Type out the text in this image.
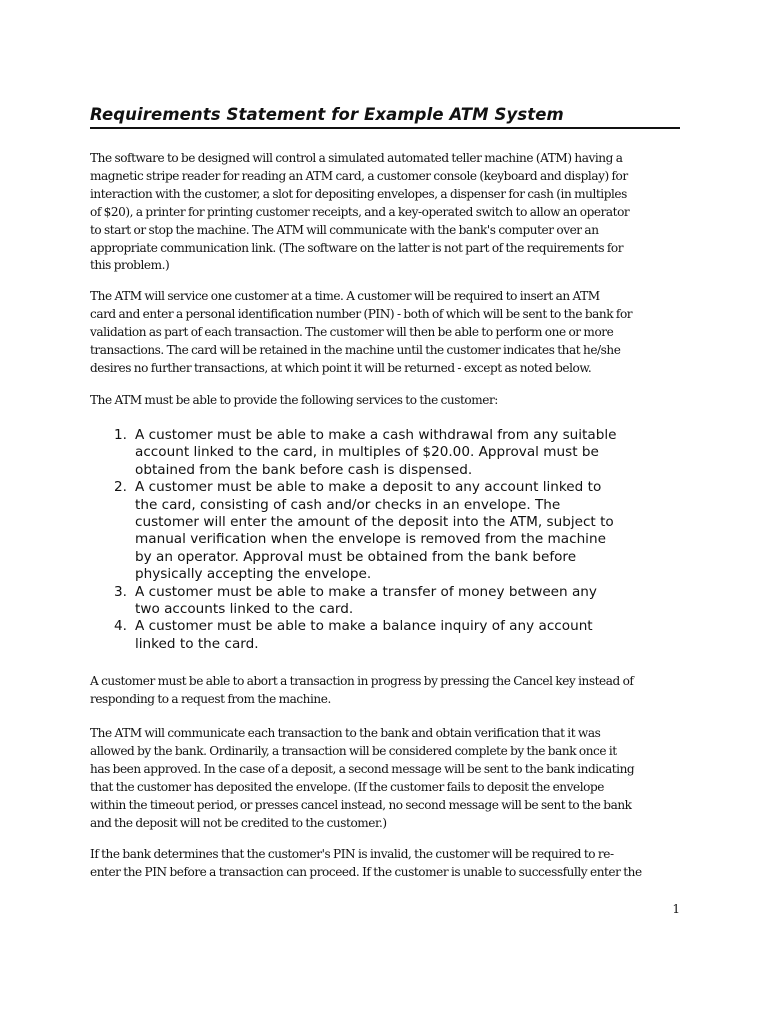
Requirements Statement for Example ATM System

The software to be designed will control a simulated automated teller machine (ATM) having a
magnetic stripe reader for reading an ATM card, a customer console (keyboard and display) for
interaction with the customer, a slot for depositing envelopes, a dispenser for cash (in multiples
of $20), a printer for printing customer receipts, and a key-operated switch to allow an operator
to start or stop the machine. The ATM will communicate with the bank's computer over an
appropriate communication link. (The software on the latter is not part of the requirements for
this problem.)

The ATM will service one customer at a time. A customer will be required to insert an ATM
card and enter a personal identification number (PIN) - both of which will be sent to the bank for
validation as part of each transaction. The customer will then be able to perform one or more
transactions. The card will be retained in the machine until the customer indicates that he/she
desires no further transactions, at which point it will be returned - except as noted below.

The ATM must be able to provide the following services to the customer:

1. A customer must be able to make a cash withdrawal from any suitable
account linked to the card, in multiples of $20.00. Approval must be
obtained from the bank before cash is dispensed.
2. A customer must be able to make a deposit to any account linked to
the card, consisting of cash and/or checks in an envelope. The
customer will enter the amount of the deposit into the ATM, subject to
manual verification when the envelope is removed from the machine
by an operator. Approval must be obtained from the bank before
physically accepting the envelope.
3. A customer must be able to make a transfer of money between any
two accounts linked to the card.
4. A customer must be able to make a balance inquiry of any account
linked to the card.

A customer must be able to abort a transaction in progress by pressing the Cancel key instead of
responding to a request from the machine.

The ATM will communicate each transaction to the bank and obtain verification that it was
allowed by the bank. Ordinarily, a transaction will be considered complete by the bank once it
has been approved. In the case of a deposit, a second message will be sent to the bank indicating
that the customer has deposited the envelope. (If the customer fails to deposit the envelope
within the timeout period, or presses cancel instead, no second message will be sent to the bank
and the deposit will not be credited to the customer.)

If the bank determines that the customer's PIN is invalid, the customer will be required to re-
enter the PIN before a transaction can proceed. If the customer is unable to successfully enter the

1
